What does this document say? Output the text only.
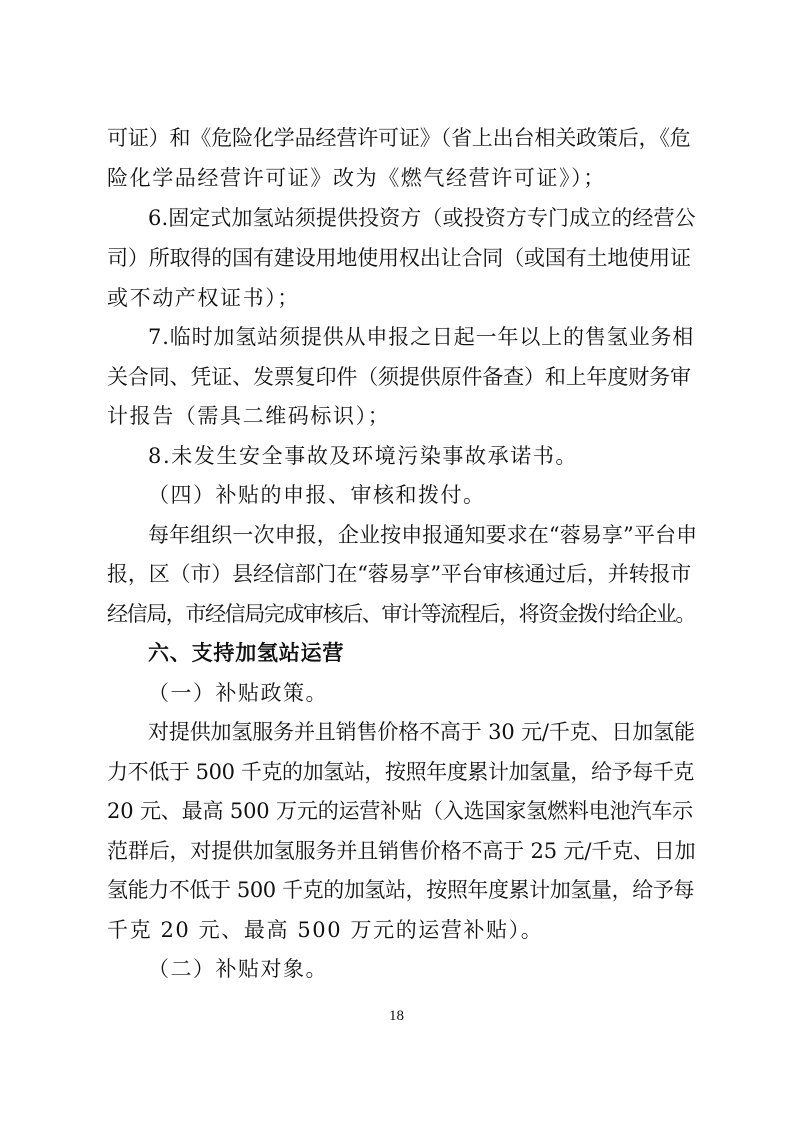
可证）和《危险化学品经营许可证》（省上出台相关政策后，《危
险化学品经营许可证》改为《燃气经营许可证》）；
6.固定式加氢站须提供投资方（或投资方专门成立的经营公
司）所取得的国有建设用地使用权出让合同（或国有土地使用证
或不动产权证书）；
7.临时加氢站须提供从申报之日起一年以上的售氢业务相
关合同、凭证、发票复印件（须提供原件备查）和上年度财务审
计报告（需具二维码标识）；
8.未发生安全事故及环境污染事故承诺书。
（四）补贴的申报、审核和拨付。
每年组织一次申报，企业按申报通知要求在“蓉易享”平台申
报，区（市）县经信部门在“蓉易享”平台审核通过后，并转报市
经信局，市经信局完成审核后、审计等流程后，将资金拨付给企业。
六、支持加氢站运营
（一）补贴政策。
对提供加氢服务并且销售价格不高于 30 元/千克、日加氢能
力不低于 500 千克的加氢站，按照年度累计加氢量，给予每千克
20 元、最高 500 万元的运营补贴（入选国家氢燃料电池汽车示
范群后，对提供加氢服务并且销售价格不高于 25 元/千克、日加
氢能力不低于 500 千克的加氢站，按照年度累计加氢量，给予每
千克 20 元、最高 500 万元的运营补贴）。
（二）补贴对象。
18
